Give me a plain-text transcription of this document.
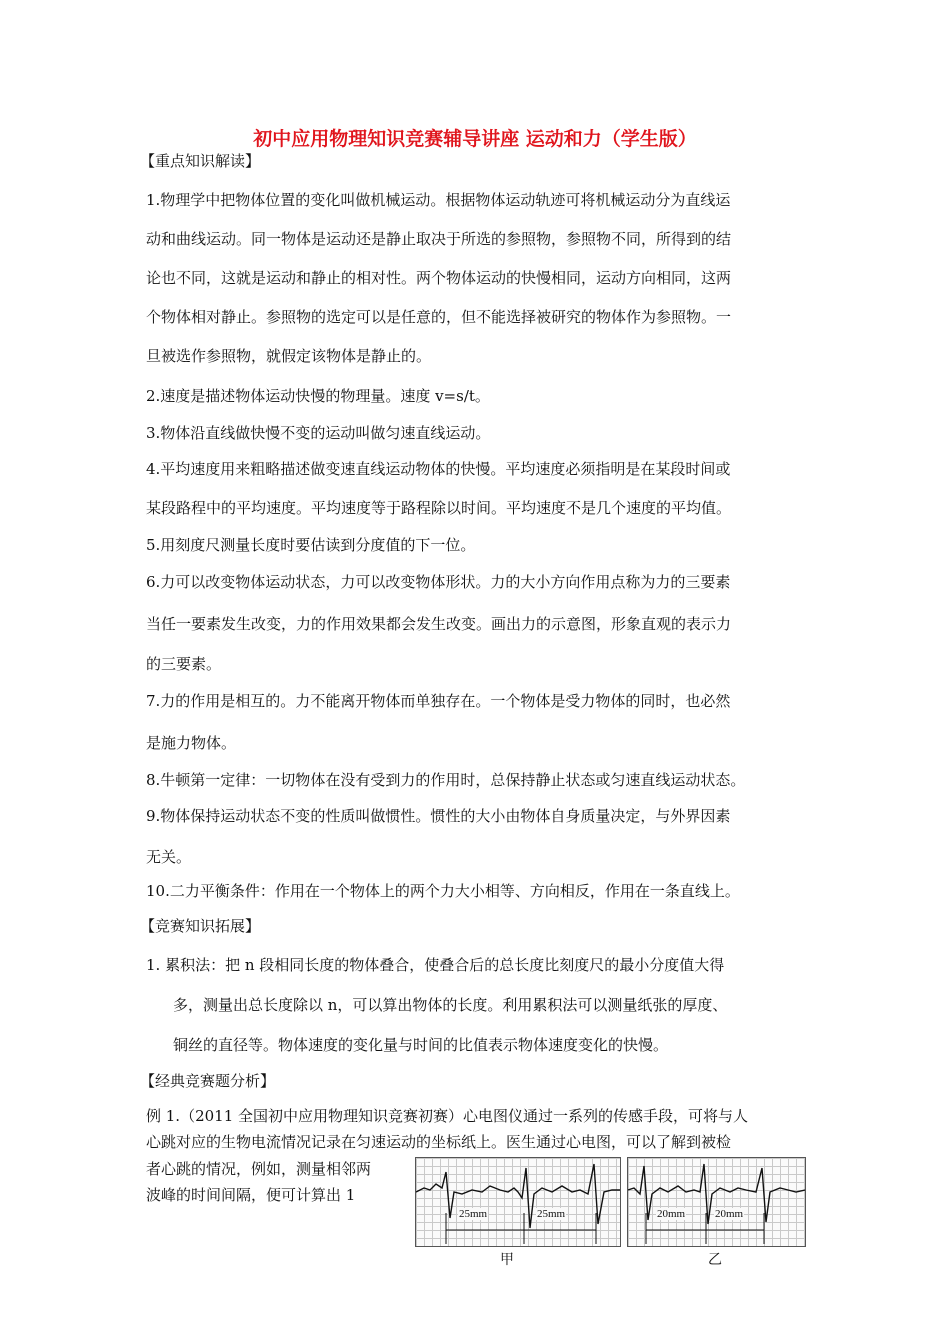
初中应用物理知识竞赛辅导讲座 运动和力（学生版）
【重点知识解读】
1.物理学中把物体位置的变化叫做机械运动。根据物体运动轨迹可将机械运动分为直线运
动和曲线运动。同一物体是运动还是静止取决于所选的参照物，参照物不同，所得到的结
论也不同，这就是运动和静止的相对性。两个物体运动的快慢相同，运动方向相同，这两
个物体相对静止。参照物的选定可以是任意的，但不能选择被研究的物体作为参照物。一
旦被选作参照物，就假定该物体是静止的。
2.速度是描述物体运动快慢的物理量。速度 v=s/t。
3.物体沿直线做快慢不变的运动叫做匀速直线运动。
4.平均速度用来粗略描述做变速直线运动物体的快慢。平均速度必须指明是在某段时间或
某段路程中的平均速度。平均速度等于路程除以时间。平均速度不是几个速度的平均值。
5.用刻度尺测量长度时要估读到分度值的下一位。
6.力可以改变物体运动状态，力可以改变物体形状。力的大小方向作用点称为力的三要素
当任一要素发生改变，力的作用效果都会发生改变。画出力的示意图，形象直观的表示力
的三要素。
7.力的作用是相互的。力不能离开物体而单独存在。一个物体是受力物体的同时，也必然
是施力物体。
8.牛顿第一定律：一切物体在没有受到力的作用时，总保持静止状态或匀速直线运动状态。
9.物体保持运动状态不变的性质叫做惯性。惯性的大小由物体自身质量决定，与外界因素
无关。
10.二力平衡条件：作用在一个物体上的两个力大小相等、方向相反，作用在一条直线上。
【竞赛知识拓展】
1. 累积法：把 n 段相同长度的物体叠合，使叠合后的总长度比刻度尺的最小分度值大得
多，测量出总长度除以 n，可以算出物体的长度。利用累积法可以测量纸张的厚度、
铜丝的直径等。物体速度的变化量与时间的比值表示物体速度变化的快慢。
【经典竞赛题分析】
例 1.（2011 全国初中应用物理知识竞赛初赛）心电图仪通过一系列的传感手段，可将与人
心跳对应的生物电流情况记录在匀速运动的坐标纸上。医生通过心电图，可以了解到被检
者心跳的情况，例如，测量相邻两
波峰的时间间隔，便可计算出 1
25mm	25mm
甲
20mm	20mm
乙
